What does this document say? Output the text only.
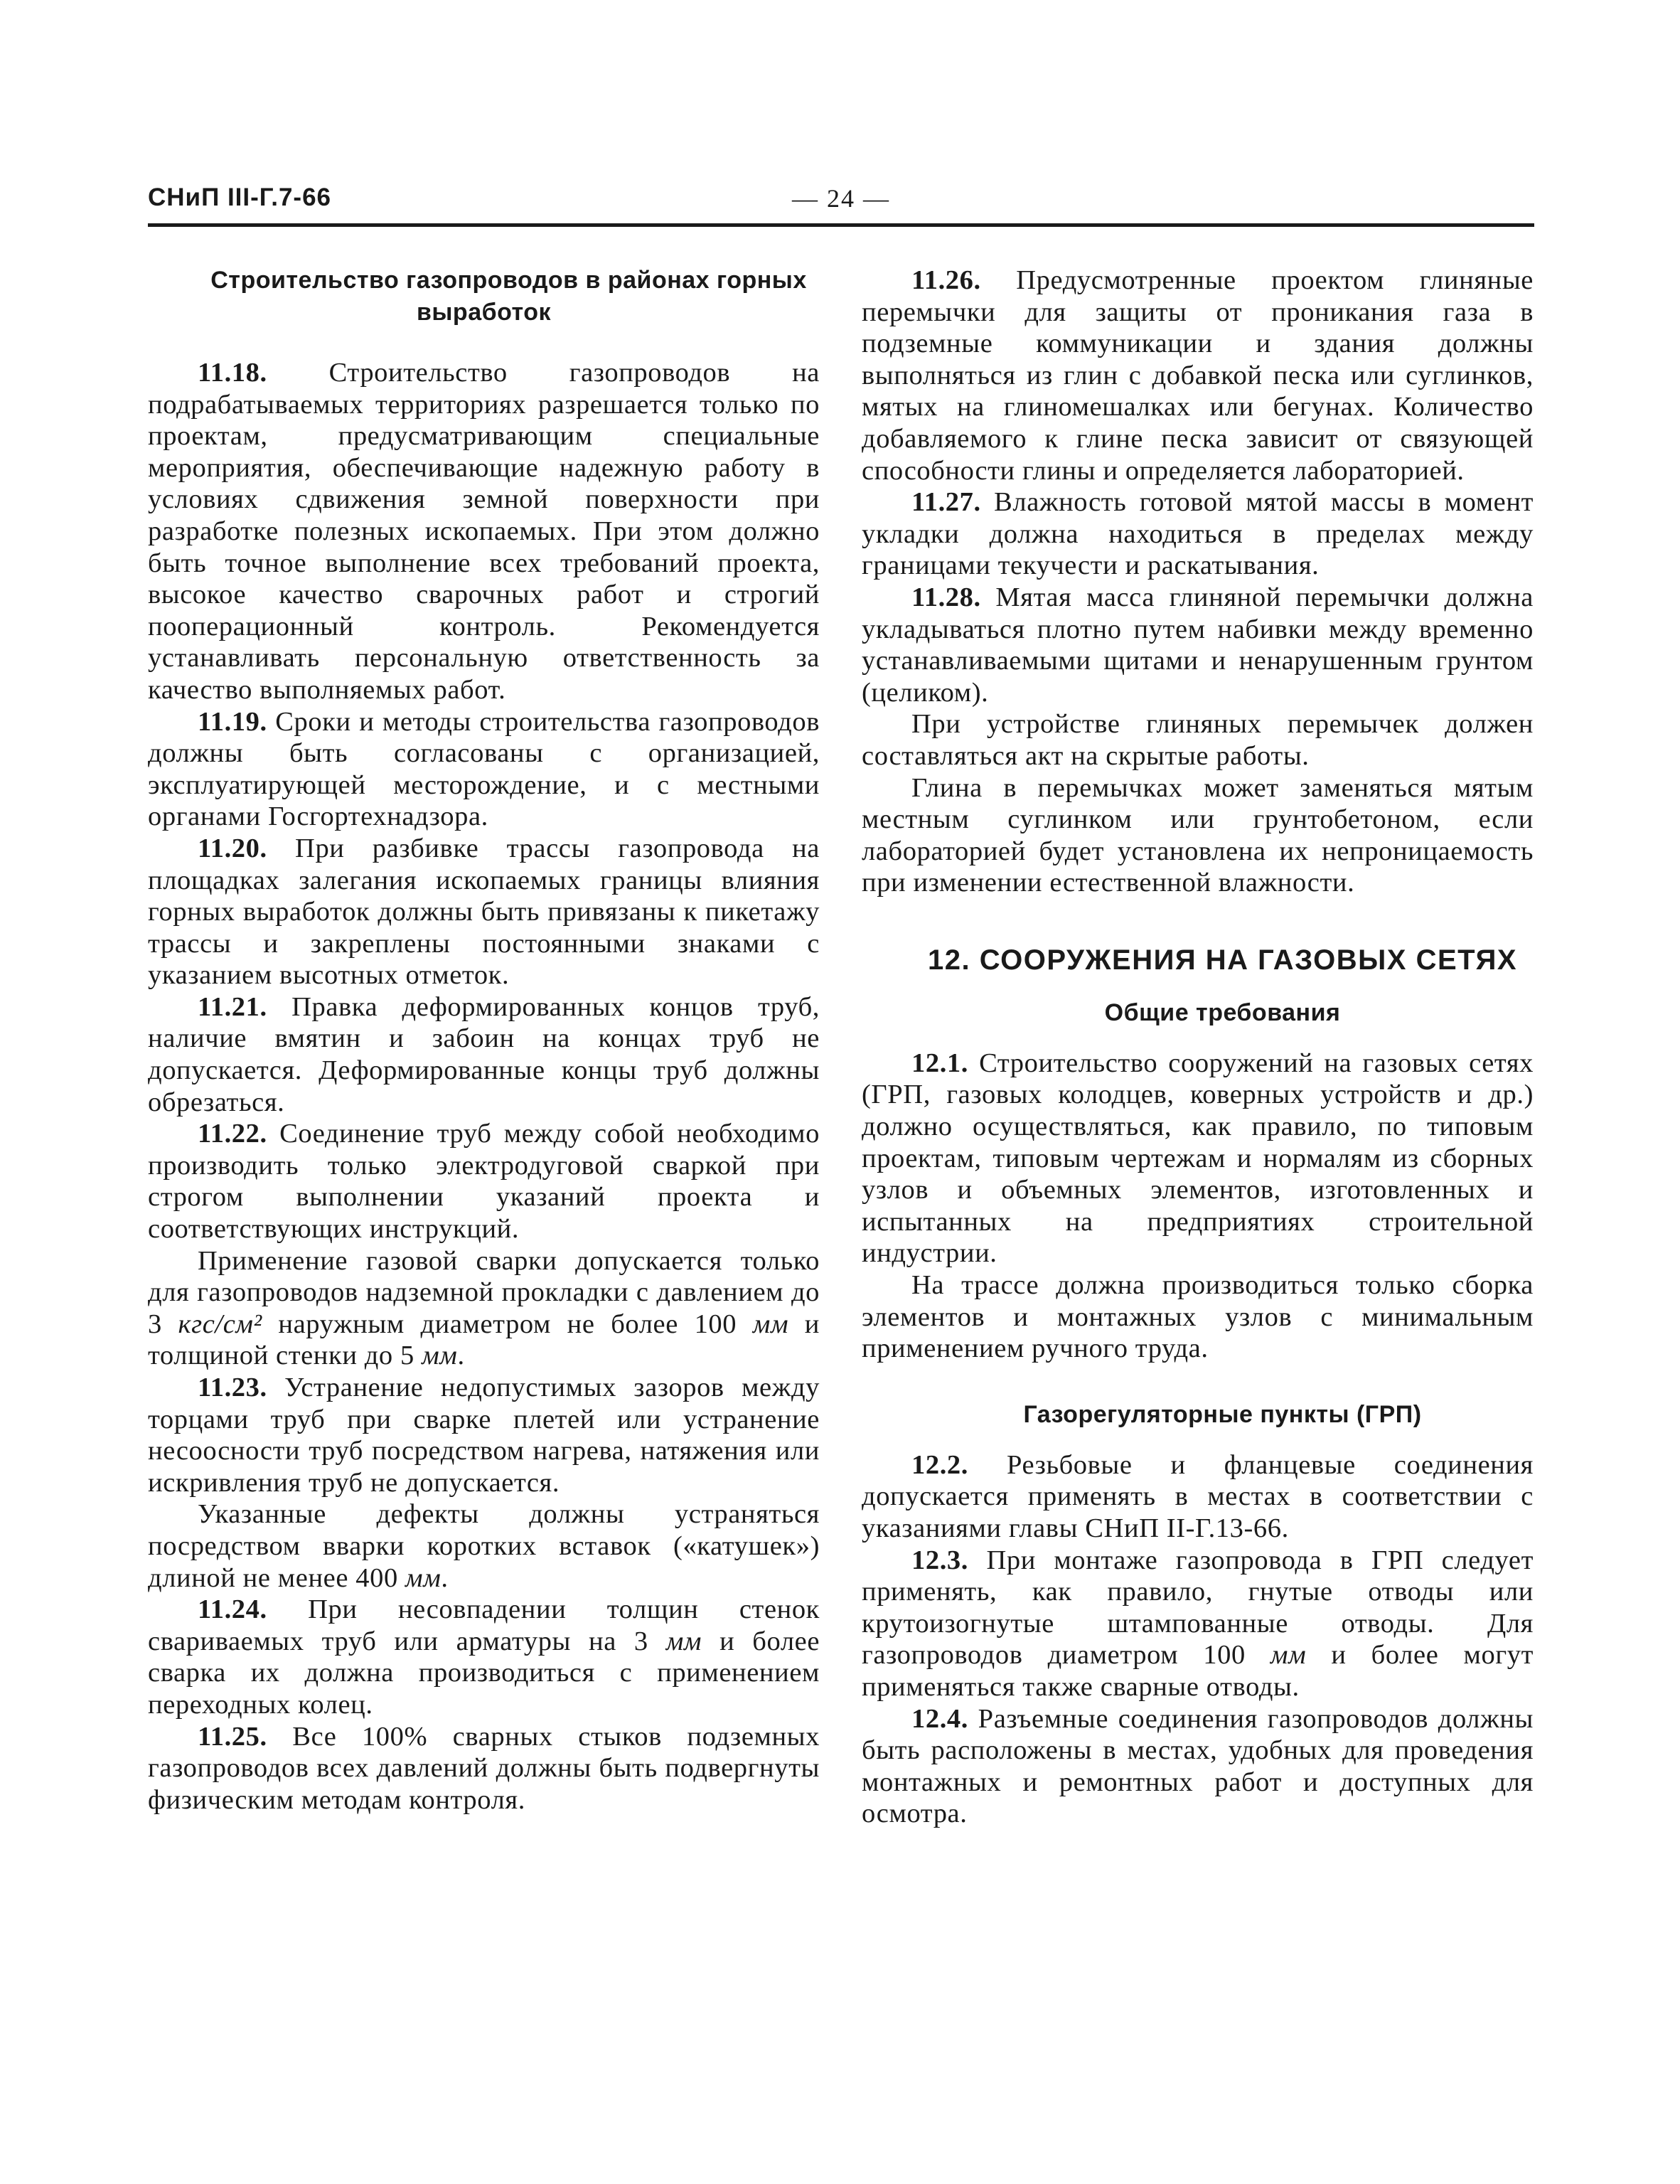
СНиП III-Г.7-66	— 24 —

Строительство газопроводов в районах горных выработок

11.18. Строительство газопроводов на подрабатываемых территориях разрешается только по проектам, предусматривающим специальные мероприятия, обеспечивающие надежную работу в условиях сдвижения земной поверхности при разработке полезных ископаемых. При этом должно быть точное выполнение всех требований проекта, высокое качество сварочных работ и строгий пооперационный контроль. Рекомендуется устанавливать персональную ответственность за качество выполняемых работ.

11.19. Сроки и методы строительства газопроводов должны быть согласованы с организацией, эксплуатирующей месторождение, и с местными органами Госгортехнадзора.

11.20. При разбивке трассы газопровода на площадках залегания ископаемых границы влияния горных выработок должны быть привязаны к пикетажу трассы и закреплены постоянными знаками с указанием высотных отметок.

11.21. Правка деформированных концов труб, наличие вмятин и забоин на концах труб не допускается. Деформированные концы труб должны обрезаться.

11.22. Соединение труб между собой необходимо производить только электродуговой сваркой при строгом выполнении указаний проекта и соответствующих инструкций.

Применение газовой сварки допускается только для газопроводов надземной прокладки с давлением до 3 кгс/см² наружным диаметром не более 100 мм и толщиной стенки до 5 мм.

11.23. Устранение недопустимых зазоров между торцами труб при сварке плетей или устранение несоосности труб посредством нагрева, натяжения или искривления труб не допускается.

Указанные дефекты должны устраняться посредством вварки коротких вставок («катушек») длиной не менее 400 мм.

11.24. При несовпадении толщин стенок свариваемых труб или арматуры на 3 мм и более сварка их должна производиться с применением переходных колец.

11.25. Все 100% сварных стыков подземных газопроводов всех давлений должны быть подвергнуты физическим методам контроля.

11.26. Предусмотренные проектом глиняные перемычки для защиты от проникания газа в подземные коммуникации и здания должны выполняться из глин с добавкой песка или суглинков, мятых на глиномешалках или бегунах. Количество добавляемого к глине песка зависит от связующей способности глины и определяется лабораторией.

11.27. Влажность готовой мятой массы в момент укладки должна находиться в пределах между границами текучести и раскатывания.

11.28. Мятая масса глиняной перемычки должна укладываться плотно путем набивки между временно устанавливаемыми щитами и ненарушенным грунтом (целиком).

При устройстве глиняных перемычек должен составляться акт на скрытые работы.

Глина в перемычках может заменяться мятым местным суглинком или грунтобетоном, если лабораторией будет установлена их непроницаемость при изменении естественной влажности.

12. СООРУЖЕНИЯ НА ГАЗОВЫХ СЕТЯХ

Общие требования

12.1. Строительство сооружений на газовых сетях (ГРП, газовых колодцев, коверных устройств и др.) должно осуществляться, как правило, по типовым проектам, типовым чертежам и нормалям из сборных узлов и объемных элементов, изготовленных и испытанных на предприятиях строительной индустрии.

На трассе должна производиться только сборка элементов и монтажных узлов с минимальным применением ручного труда.

Газорегуляторные пункты (ГРП)

12.2. Резьбовые и фланцевые соединения допускается применять в местах в соответствии с указаниями главы СНиП II-Г.13-66.

12.3. При монтаже газопровода в ГРП следует применять, как правило, гнутые отводы или крутоизогнутые штампованные отводы. Для газопроводов диаметром 100 мм и более могут применяться также сварные отводы.

12.4. Разъемные соединения газопроводов должны быть расположены в местах, удобных для проведения монтажных и ремонтных работ и доступных для осмотра.
